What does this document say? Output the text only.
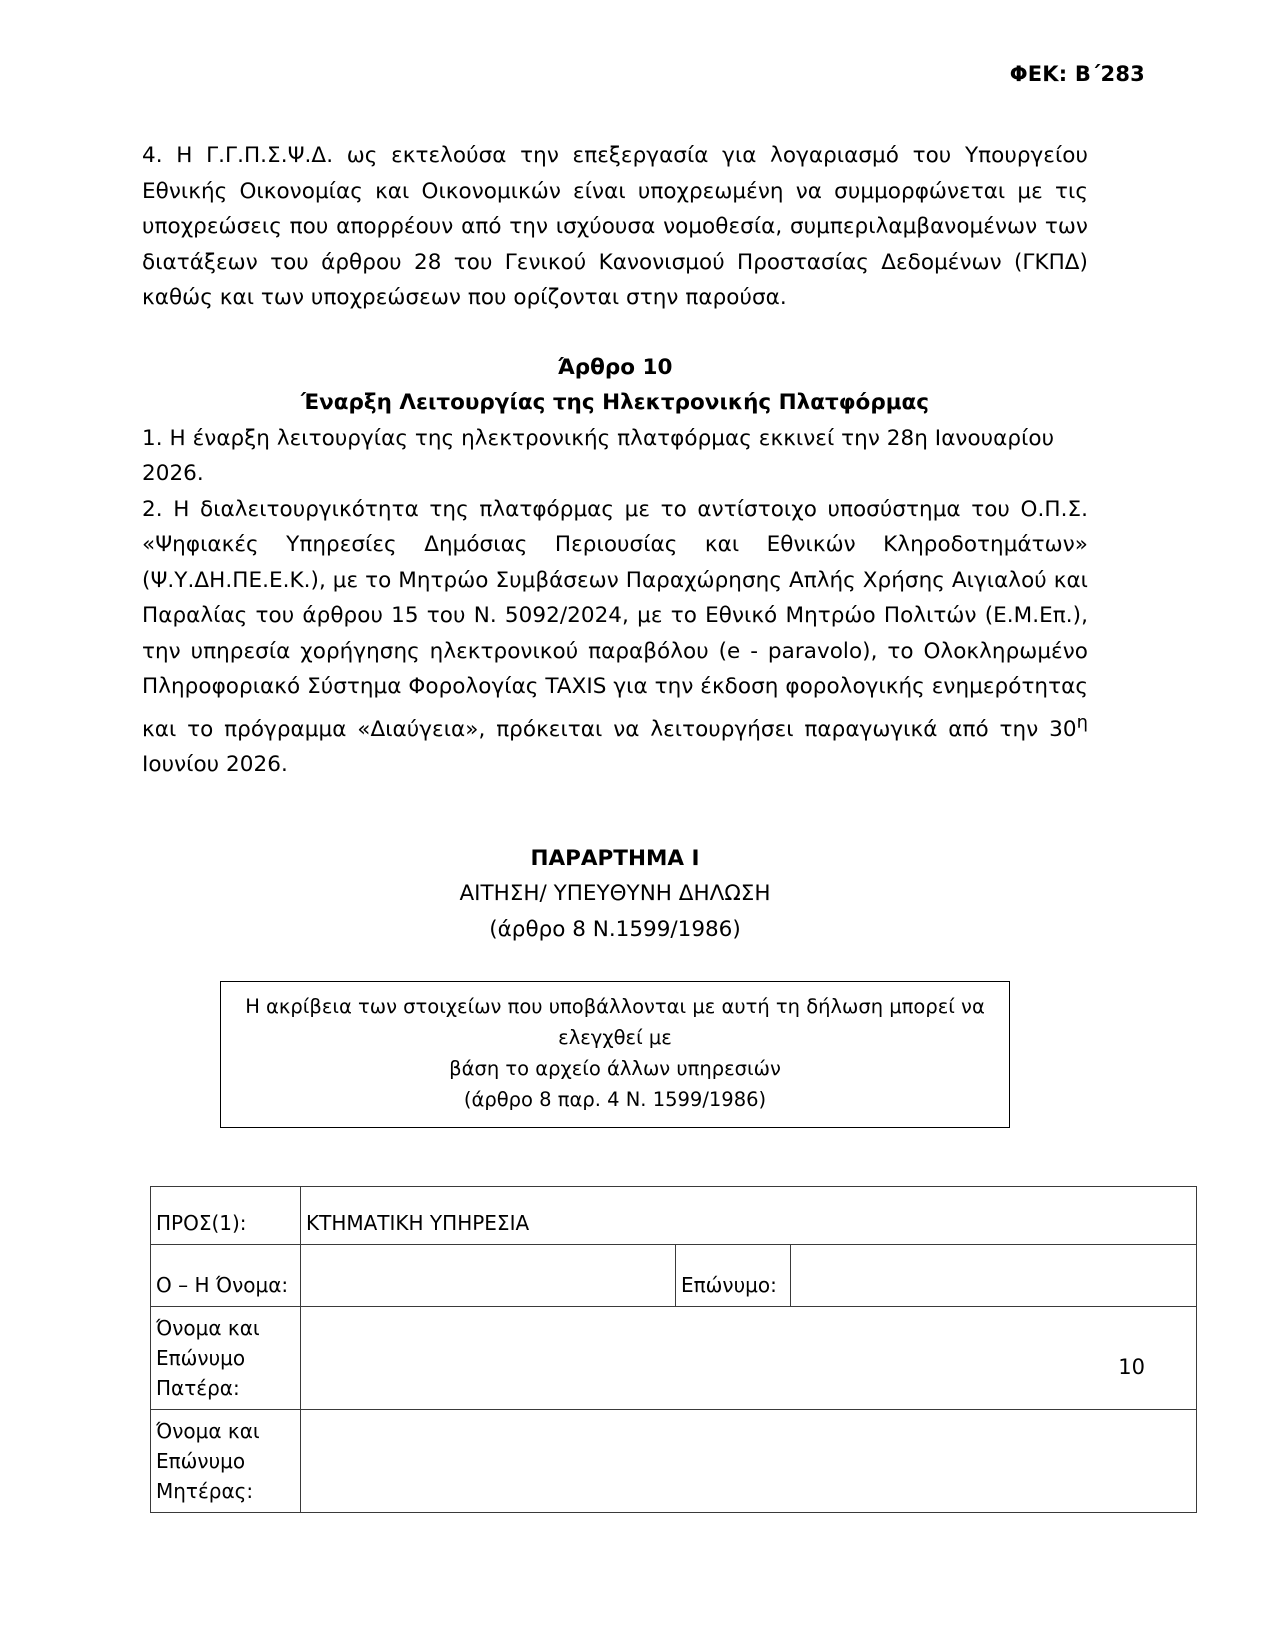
ΦΕΚ: Β΄283

4. Η Γ.Γ.Π.Σ.Ψ.Δ. ως εκτελούσα την επεξεργασία για λογαριασμό του Υπουργείου Εθνικής Οικονομίας και Οικονομικών είναι υποχρεωμένη να συμμορφώνεται με τις υποχρεώσεις που απορρέουν από την ισχύουσα νομοθεσία, συμπεριλαμβανομένων των διατάξεων του άρθρου 28 του Γενικού Κανονισμού Προστασίας Δεδομένων (ΓΚΠΔ) καθώς και των υποχρεώσεων που ορίζονται στην παρούσα.

Άρθρο 10
Έναρξη Λειτουργίας της Ηλεκτρονικής Πλατφόρμας

1. Η έναρξη λειτουργίας της ηλεκτρονικής πλατφόρμας εκκινεί την 28η Ιανουαρίου 2026.

2. Η διαλειτουργικότητα της πλατφόρμας με το αντίστοιχο υποσύστημα του Ο.Π.Σ. «Ψηφιακές Υπηρεσίες Δημόσιας Περιουσίας και Εθνικών Κληροδοτημάτων» (Ψ.Υ.ΔΗ.ΠΕ.Ε.Κ.), με το Μητρώο Συμβάσεων Παραχώρησης Απλής Χρήσης Αιγιαλού και Παραλίας του άρθρου 15 του Ν. 5092/2024, με το Εθνικό Μητρώο Πολιτών (Ε.Μ.Επ.), την υπηρεσία χορήγησης ηλεκτρονικού παραβόλου (e - paravolo), το Ολοκληρωμένο Πληροφοριακό Σύστημα Φορολογίας TAXIS για την έκδοση φορολογικής ενημερότητας και το πρόγραμμα «Διαύγεια», πρόκειται να λειτουργήσει παραγωγικά από την $30^\eta$ Ιουνίου 2026.

ΠΑΡΑΡΤΗΜΑ Ι
ΑΙΤΗΣΗ/ ΥΠΕΥΘΥΝΗ ΔΗΛΩΣΗ
(άρθρο 8 Ν.1599/1986)
Η ακρίβεια των στοιχείων που υποβάλλονται με αυτή τη δήλωση μπορεί να ελεγχθεί με
βάση το αρχείο άλλων υπηρεσιών
(άρθρο 8 παρ. 4 Ν. 1599/1986)
ΠΡΟΣ(1):	ΚΤΗΜΑΤΙΚΗ ΥΠΗΡΕΣΙΑ		
Ο – Η Όνομα:		Επώνυμο:	
Όνομα και Επώνυμο
Πατέρα:			
Όνομα και Επώνυμο
Μητέρας:			
10
